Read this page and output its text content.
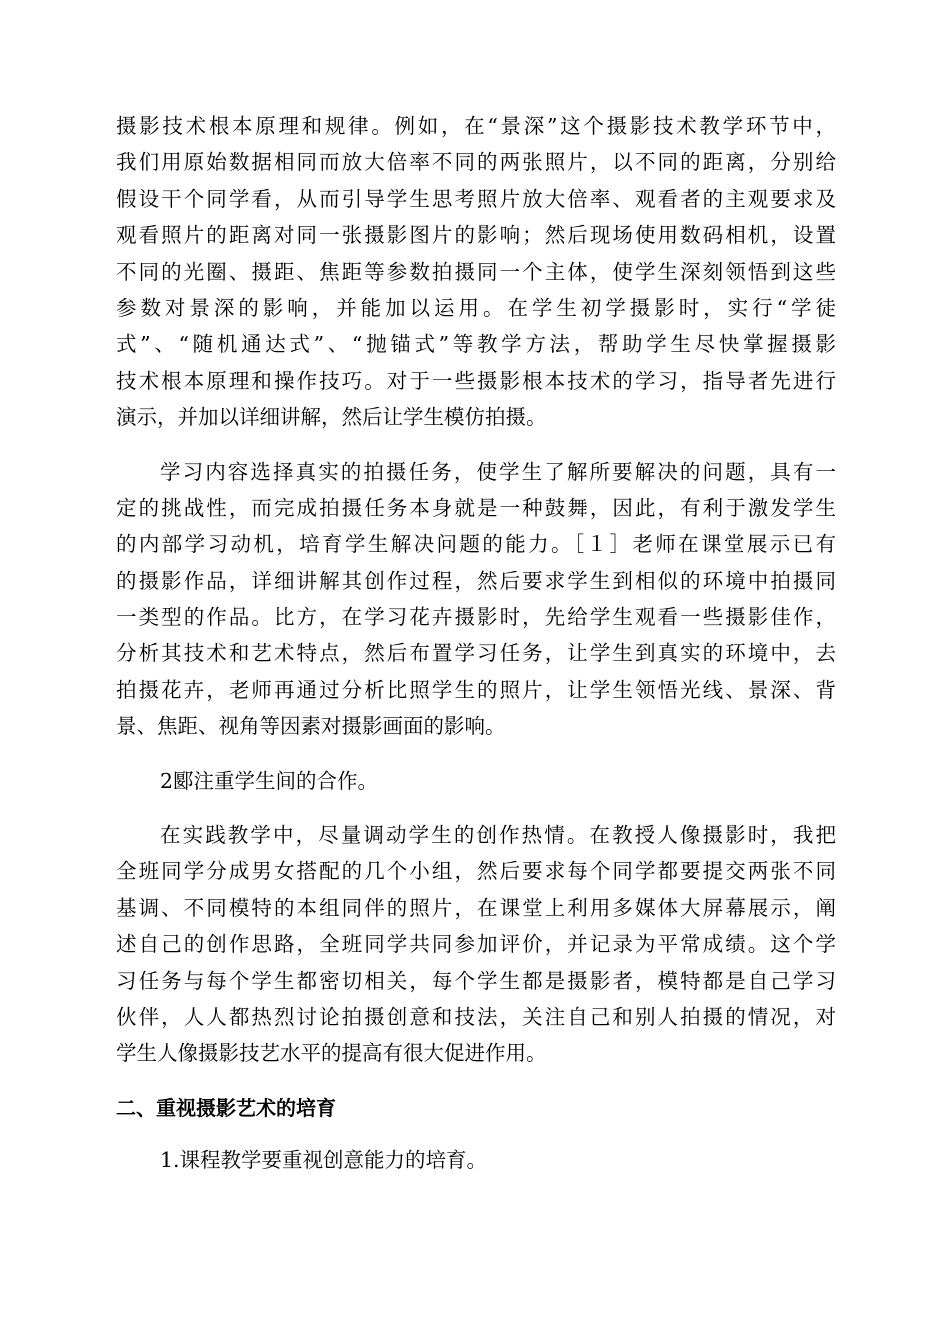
摄影技术根本原理和规律。例如，在“景深”这个摄影技术教学环节中，
我们用原始数据相同而放大倍率不同的两张照片，以不同的距离，分别给
假设干个同学看，从而引导学生思考照片放大倍率、观看者的主观要求及
观看照片的距离对同一张摄影图片的影响；然后现场使用数码相机，设置
不同的光圈、摄距、焦距等参数拍摄同一个主体，使学生深刻领悟到这些
参数对景深的影响，并能加以运用。在学生初学摄影时，实行“学徒
式”、“随机通达式”、“抛锚式”等教学方法，帮助学生尽快掌握摄影
技术根本原理和操作技巧。对于一些摄影根本技术的学习，指导者先进行
演示，并加以详细讲解，然后让学生模仿拍摄。
学习内容选择真实的拍摄任务，使学生了解所要解决的问题，具有一
定的挑战性，而完成拍摄任务本身就是一种鼓舞，因此，有利于激发学生
的内部学习动机，培育学生解决问题的能力。［１］老师在课堂展示已有
的摄影作品，详细讲解其创作过程，然后要求学生到相似的环境中拍摄同
一类型的作品。比方，在学习花卉摄影时，先给学生观看一些摄影佳作，
分析其技术和艺术特点，然后布置学习任务，让学生到真实的环境中，去
拍摄花卉，老师再通过分析比照学生的照片，让学生领悟光线、景深、背
景、焦距、视角等因素对摄影画面的影响。
2郾注重学生间的合作。
在实践教学中，尽量调动学生的创作热情。在教授人像摄影时，我把
全班同学分成男女搭配的几个小组，然后要求每个同学都要提交两张不同
基调、不同模特的本组同伴的照片，在课堂上利用多媒体大屏幕展示，阐
述自己的创作思路，全班同学共同参加评价，并记录为平常成绩。这个学
习任务与每个学生都密切相关，每个学生都是摄影者，模特都是自己学习
伙伴，人人都热烈讨论拍摄创意和技法，关注自己和别人拍摄的情况，对
学生人像摄影技艺水平的提高有很大促进作用。
二、重视摄影艺术的培育
1.课程教学要重视创意能力的培育。
